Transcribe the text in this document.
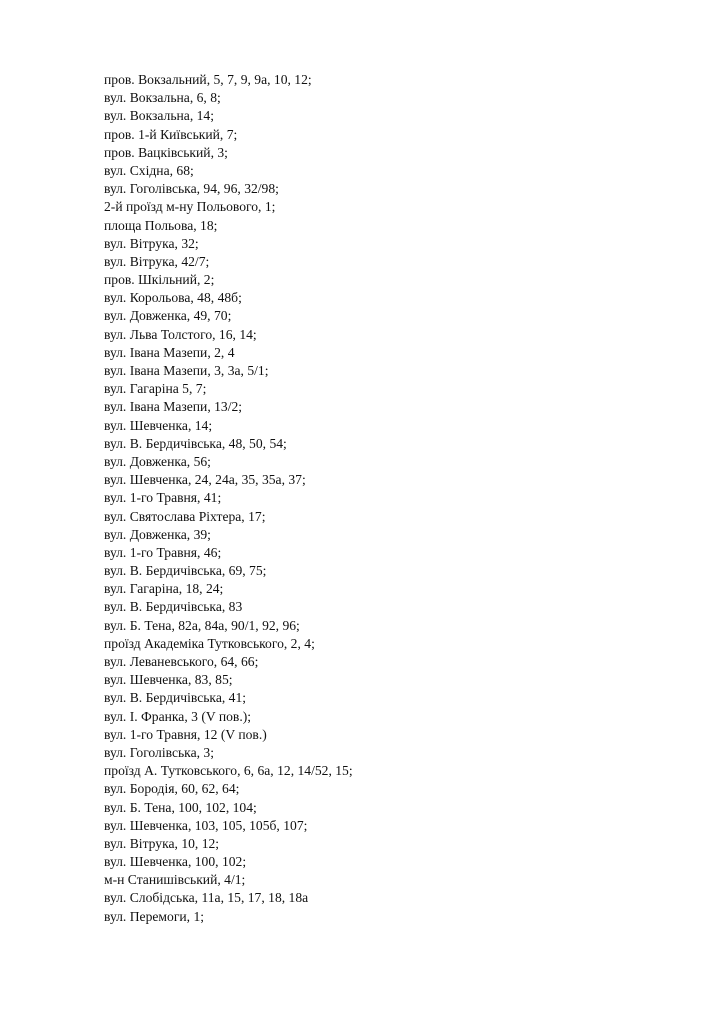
пров. Вокзальний, 5, 7, 9, 9а, 10, 12;
вул. Вокзальна, 6, 8;
вул. Вокзальна, 14;
пров. 1-й Київський, 7;
пров. Вацківський, 3;
вул. Східна, 68;
вул. Гоголівська, 94, 96, 32/98;
2-й проїзд м-ну Польового, 1;
площа Польова, 18;
вул. Вітрука, 32;
вул. Вітрука, 42/7;
пров. Шкільний, 2;
вул. Корольова, 48, 48б;
вул. Довженка, 49, 70;
вул. Льва Толстого, 16, 14;
вул. Івана Мазепи, 2, 4
вул. Івана Мазепи, 3, 3а, 5/1;
вул. Гагаріна 5, 7;
вул. Івана Мазепи, 13/2;
вул. Шевченка, 14;
вул. В. Бердичівська, 48, 50, 54;
вул. Довженка, 56;
вул. Шевченка, 24, 24а, 35, 35а, 37;
вул. 1-го Травня, 41;
вул. Святослава Ріхтера, 17;
вул. Довженка, 39;
вул. 1-го Травня, 46;
вул. В. Бердичівська, 69, 75;
вул. Гагаріна, 18, 24;
вул. В. Бердичівська, 83
вул. Б. Тена, 82а, 84а, 90/1, 92, 96;
проїзд Академіка Тутковського, 2, 4;
вул. Леваневського, 64, 66;
вул. Шевченка, 83, 85;
вул. В. Бердичівська, 41;
вул. І. Франка, 3 (V пов.);
вул. 1-го Травня, 12 (V пов.)
вул. Гоголівська, 3;
проїзд А. Тутковського, 6, 6а, 12, 14/52, 15;
вул. Бородія, 60, 62, 64;
вул. Б. Тена, 100, 102, 104;
вул. Шевченка, 103, 105, 105б, 107;
вул. Вітрука, 10, 12;
вул. Шевченка, 100, 102;
м-н Станишівський, 4/1;
вул. Слобідська, 11а, 15, 17, 18, 18а
вул. Перемоги, 1;
